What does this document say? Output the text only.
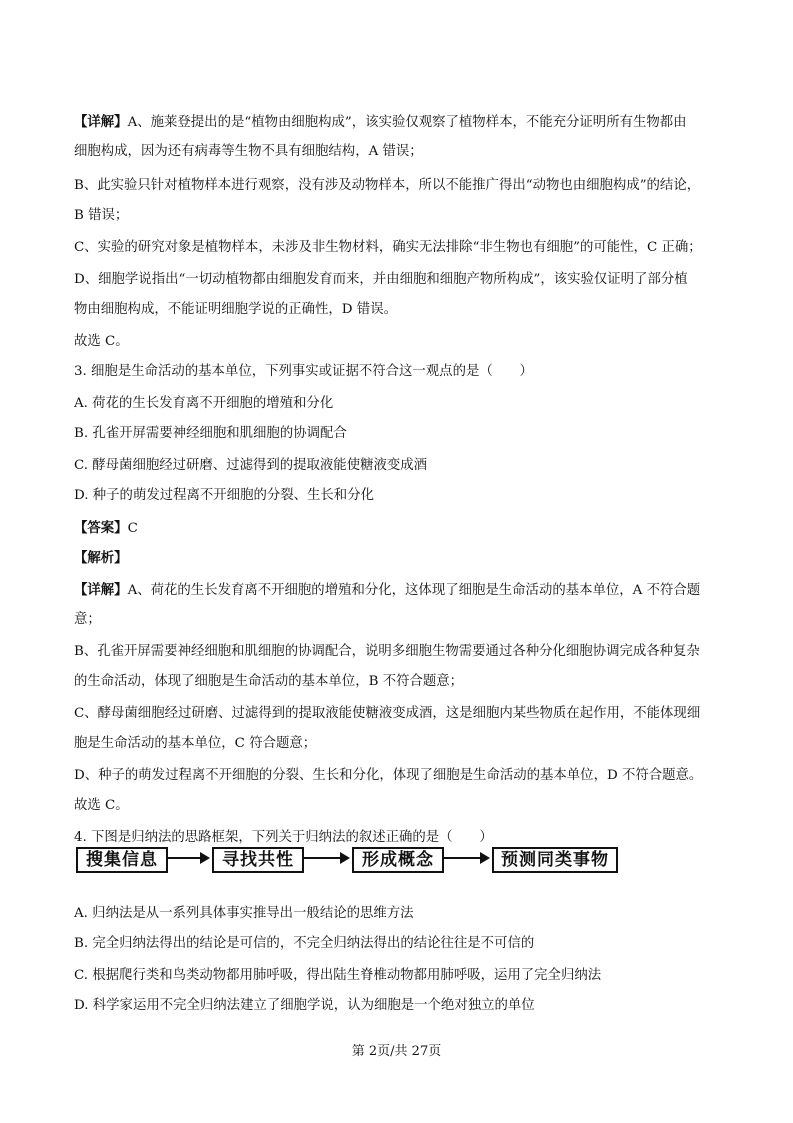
【详解】A、施莱登提出的是“植物由细胞构成”，该实验仅观察了植物样本，不能充分证明所有生物都由
细胞构成，因为还有病毒等生物不具有细胞结构，A 错误；
B、此实验只针对植物样本进行观察，没有涉及动物样本，所以不能推广得出“动物也由细胞构成”的结论，
B 错误；
C、实验的研究对象是植物样本，未涉及非生物材料，确实无法排除“非生物也有细胞”的可能性，C 正确；
D、细胞学说指出“一切动植物都由细胞发育而来，并由细胞和细胞产物所构成”，该实验仅证明了部分植
物由细胞构成，不能证明细胞学说的正确性，D 错误。
故选 C。
3. 细胞是生命活动的基本单位，下列事实或证据不符合这一观点的是（　　）
A. 荷花的生长发育离不开细胞的增殖和分化
B. 孔雀开屏需要神经细胞和肌细胞的协调配合
C. 酵母菌细胞经过研磨、过滤得到的提取液能使糖液变成酒
D. 种子的萌发过程离不开细胞的分裂、生长和分化
【答案】C
【解析】
【详解】A、荷花的生长发育离不开细胞的增殖和分化，这体现了细胞是生命活动的基本单位，A 不符合题
意；
B、孔雀开屏需要神经细胞和肌细胞的协调配合，说明多细胞生物需要通过各种分化细胞协调完成各种复杂
的生命活动，体现了细胞是生命活动的基本单位，B 不符合题意；
C、酵母菌细胞经过研磨、过滤得到的提取液能使糖液变成酒，这是细胞内某些物质在起作用，不能体现细
胞是生命活动的基本单位，C 符合题意；
D、种子的萌发过程离不开细胞的分裂、生长和分化，体现了细胞是生命活动的基本单位，D 不符合题意。
故选 C。
4. 下图是归纳法的思路框架，下列关于归纳法的叙述正确的是（　　）
搜集信息	寻找共性	形成概念	预测同类事物
A. 归纳法是从一系列具体事实推导出一般结论的思维方法
B. 完全归纳法得出的结论是可信的，不完全归纳法得出的结论往往是不可信的
C. 根据爬行类和鸟类动物都用肺呼吸，得出陆生脊椎动物都用肺呼吸，运用了完全归纳法
D. 科学家运用不完全归纳法建立了细胞学说，认为细胞是一个绝对独立的单位
第 2页/共 27页
